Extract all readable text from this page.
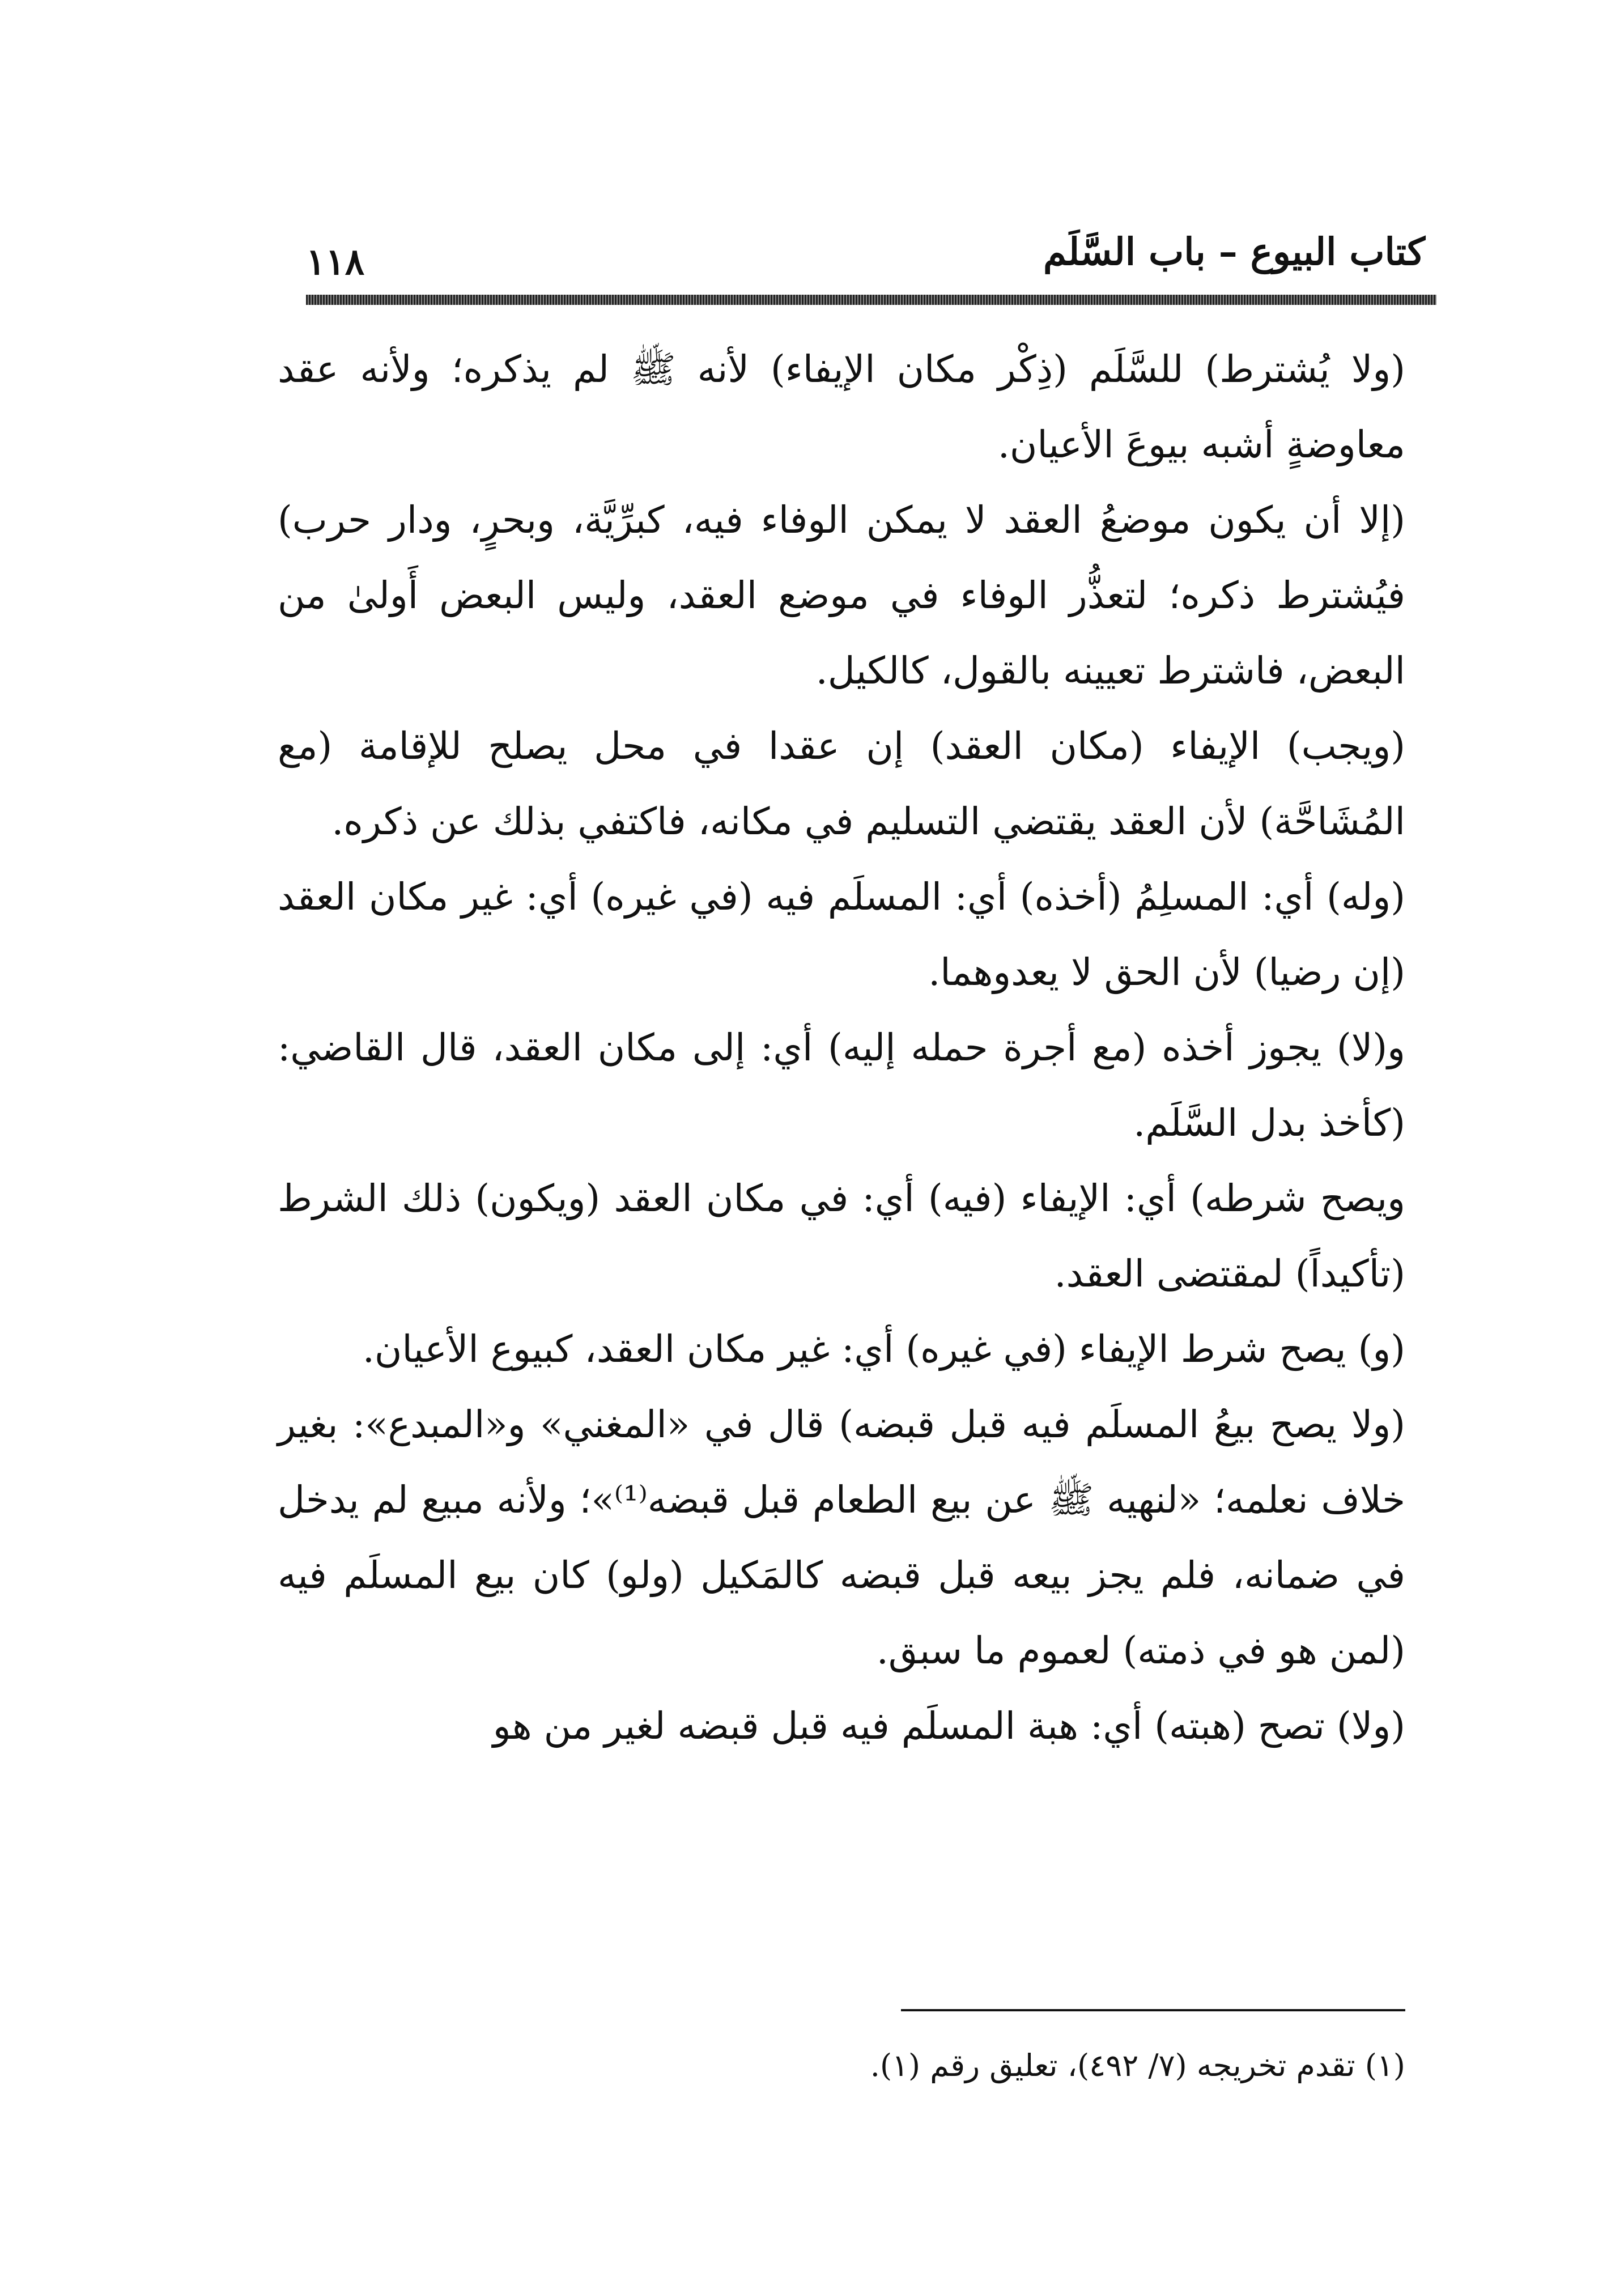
١١٨	كتاب البيوع – باب السَّلَم

(ولا يُشترط) للسَّلَم (ذِكْر مكان الإيفاء) لأنه ﷺ لم يذكره؛ ولأنه عقد معاوضةٍ أشبه بيوعَ الأعيان.

(إلا أن يكون موضعُ العقد لا يمكن الوفاء فيه، كبرِّيَّة، وبحرٍ، ودار حرب) فيُشترط ذكره؛ لتعذُّر الوفاء في موضع العقد، وليس البعض أَولىٰ من البعض، فاشترط تعيينه بالقول، كالكيل.

(ويجب) الإيفاء (مكان العقد) إن عقدا في محل يصلح للإقامة (مع المُشَاحَّة) لأن العقد يقتضي التسليم في مكانه، فاكتفي بذلك عن ذكره.

(وله) أي: المسلِمُ (أخذه) أي: المسلَم فيه (في غيره) أي: غير مكان العقد (إن رضيا) لأن الحق لا يعدوهما.

و(لا) يجوز أخذه (مع أجرة حمله إليه) أي: إلى مكان العقد، قال القاضي: (كأخذ بدل السَّلَم.

ويصح شرطه) أي: الإيفاء (فيه) أي: في مكان العقد (ويكون) ذلك الشرط (تأكيداً) لمقتضى العقد.

(و) يصح شرط الإيفاء (في غيره) أي: غير مكان العقد، كبيوع الأعيان.

(ولا يصح بيعُ المسلَم فيه قبل قبضه) قال في «المغني» و«المبدع»: بغير خلاف نعلمه؛ «لنهيه ﷺ عن بيع الطعام قبل قبضه⁽¹⁾»؛ ولأنه مبيع لم يدخل في ضمانه، فلم يجز بيعه قبل قبضه كالمَكيل (ولو) كان بيع المسلَم فيه (لمن هو في ذمته) لعموم ما سبق.

(ولا) تصح (هبته) أي: هبة المسلَم فيه قبل قبضه لغير من هو

(١) تقدم تخريجه (٧/ ٤٩٢)، تعليق رقم (١).
